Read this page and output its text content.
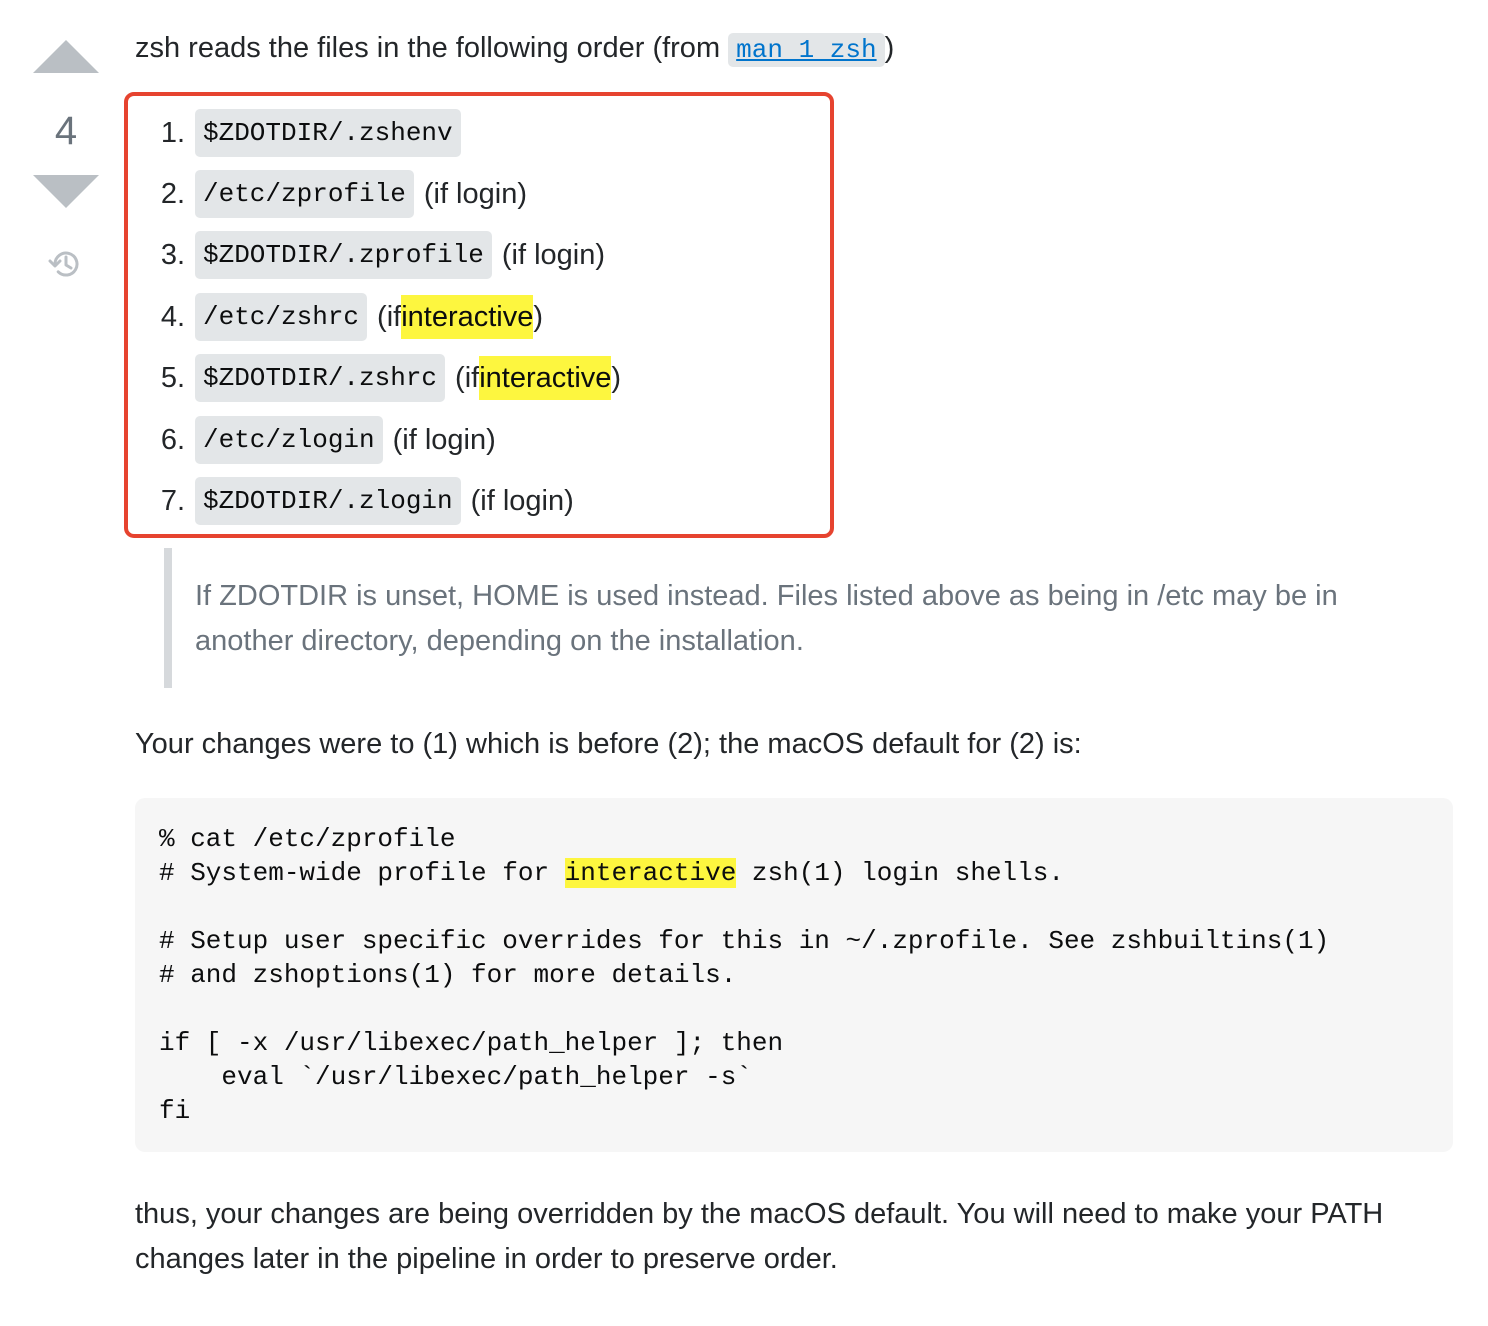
4
zsh reads the files in the following order (from man 1 zsh )
1. $ZDOTDIR/.zshenv
2. /etc/zprofile (if login)
3. $ZDOTDIR/.zprofile (if login)
4. /etc/zshrc (if interactive )
5. $ZDOTDIR/.zshrc (if interactive )
6. /etc/zlogin (if login)
7. $ZDOTDIR/.zlogin (if login)
If ZDOTDIR is unset, HOME is used instead. Files listed above as being in /etc may be in another directory, depending on the installation.
Your changes were to (1) which is before (2); the macOS default for (2) is:
% cat /etc/zprofile
# System-wide profile for interactive zsh(1) login shells.

# Setup user specific overrides for this in ~/.zprofile. See zshbuiltins(1)
# and zshoptions(1) for more details.

if [ -x /usr/libexec/path_helper ]; then
eval `/usr/libexec/path_helper -s`
fi
thus, your changes are being overridden by the macOS default. You will need to make your PATH changes later in the pipeline in order to preserve order.
